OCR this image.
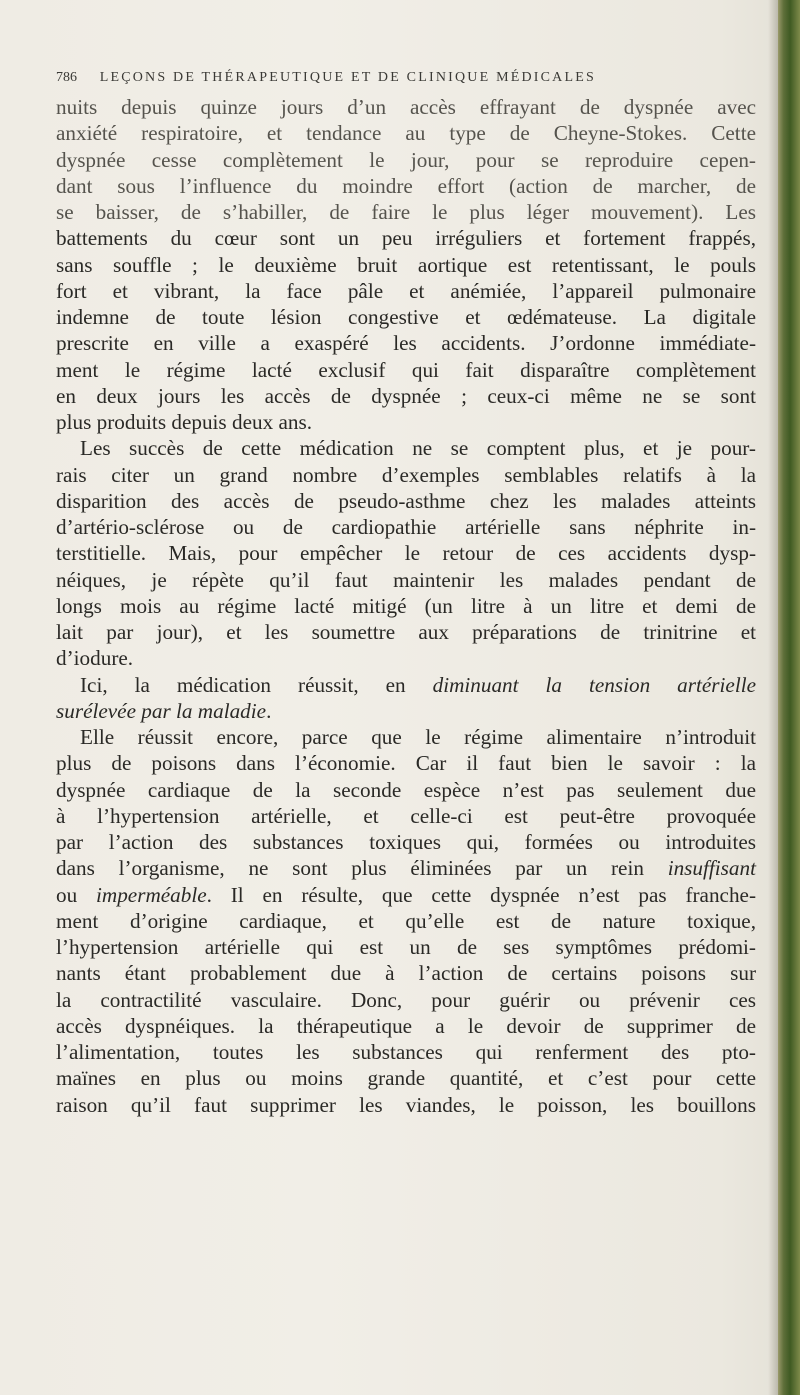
786 LEÇONS DE THÉRAPEUTIQUE ET DE CLINIQUE MÉDICALES
nuits depuis quinze jours d’un accès effrayant de dyspnée avec
anxiété respiratoire, et tendance au type de Cheyne-Stokes. Cette
dyspnée cesse complètement le jour, pour se reproduire cepen-
dant sous l’influence du moindre effort (action de marcher, de
se baisser, de s’habiller, de faire le plus léger mouvement). Les
battements du cœur sont un peu irréguliers et fortement frappés,
sans souffle ; le deuxième bruit aortique est retentissant, le pouls
fort et vibrant, la face pâle et anémiée, l’appareil pulmonaire
indemne de toute lésion congestive et œdémateuse. La digitale
prescrite en ville a exaspéré les accidents. J’ordonne immédiate-
ment le régime lacté exclusif qui fait disparaître complètement
en deux jours les accès de dyspnée ; ceux-ci même ne se sont
plus produits depuis deux ans.
Les succès de cette médication ne se comptent plus, et je pour-
rais citer un grand nombre d’exemples semblables relatifs à la
disparition des accès de pseudo-asthme chez les malades atteints
d’artério-sclérose ou de cardiopathie artérielle sans néphrite in-
terstitielle. Mais, pour empêcher le retour de ces accidents dysp-
néiques, je répète qu’il faut maintenir les malades pendant de
longs mois au régime lacté mitigé (un litre à un litre et demi de
lait par jour), et les soumettre aux préparations de trinitrine et
d’iodure.
Ici, la médication réussit, en diminuant la tension artérielle
surélevée par la maladie.
Elle réussit encore, parce que le régime alimentaire n’introduit
plus de poisons dans l’économie. Car il faut bien le savoir : la
dyspnée cardiaque de la seconde espèce n’est pas seulement due
à l’hypertension artérielle, et celle-ci est peut-être provoquée
par l’action des substances toxiques qui, formées ou introduites
dans l’organisme, ne sont plus éliminées par un rein insuffisant
ou imperméable. Il en résulte, que cette dyspnée n’est pas franche-
ment d’origine cardiaque, et qu’elle est de nature toxique,
l’hypertension artérielle qui est un de ses symptômes prédomi-
nants étant probablement due à l’action de certains poisons sur
la contractilité vasculaire. Donc, pour guérir ou prévenir ces
accès dyspnéiques. la thérapeutique a le devoir de supprimer de
l’alimentation, toutes les substances qui renferment des pto-
maïnes en plus ou moins grande quantité, et c’est pour cette
raison qu’il faut supprimer les viandes, le poisson, les bouillons
